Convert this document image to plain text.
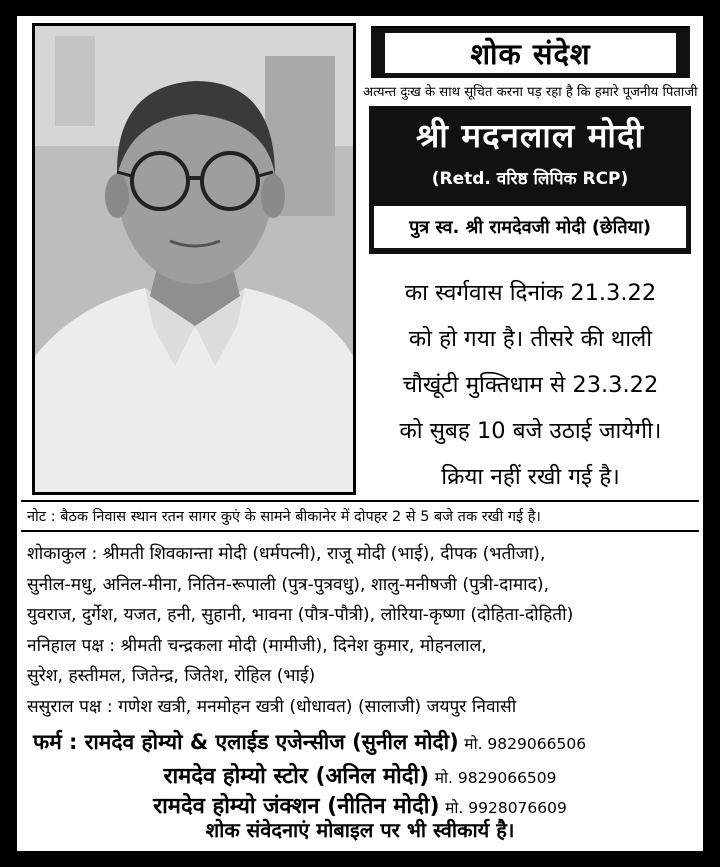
शोक संदेश
अत्यन्त दुःख के साथ सूचित करना पड़ रहा है कि हमारे पूजनीय पिताजी
श्री मदनलाल मोदी
(Retd. वरिष्ठ लिपिक RCP)
पुत्र स्व. श्री रामदेवजी मोदी (छेतिया)
का स्वर्गवास दिनांक 21.3.22
को हो गया है। तीसरे की थाली
चौखूंटी मुक्तिधाम से 23.3.22
को सुबह 10 बजे उठाई जायेगी।
क्रिया नहीं रखी गई है।
नोट : बैठक निवास स्थान रतन सागर कुएं के सामने बीकानेर में दोपहर 2 से 5 बजे तक रखी गई है।
शोकाकुल : श्रीमती शिवकान्ता मोदी (धर्मपत्नी), राजू मोदी (भाई), दीपक (भतीजा),
सुनील-मधु, अनिल-मीना, नितिन-रूपाली (पुत्र-पुत्रवधु), शालु-मनीषजी (पुत्री-दामाद),
युवराज, दुर्गेश, यजत, हनी, सुहानी, भावना (पौत्र-पौत्री), लोरिया-कृष्णा (दोहिता-दोहिती)
ननिहाल पक्ष : श्रीमती चन्द्रकला मोदी (मामीजी), दिनेश कुमार, मोहनलाल,
सुरेश, हस्तीमल, जितेन्द्र, जितेश, रोहिल (भाई)
ससुराल पक्ष : गणेश खत्री, मनमोहन खत्री (धोधावत) (सालाजी) जयपुर निवासी
फर्म : रामदेव होम्यो & एलाईड एजेन्सीज (सुनील मोदी) मो. 9829066506
रामदेव होम्यो स्टोर (अनिल मोदी) मो. 9829066509
रामदेव होम्यो जंक्शन (नीतिन मोदी) मो. 9928076609
शोक संवेदनाएं मोबाइल पर भी स्वीकार्य है।
